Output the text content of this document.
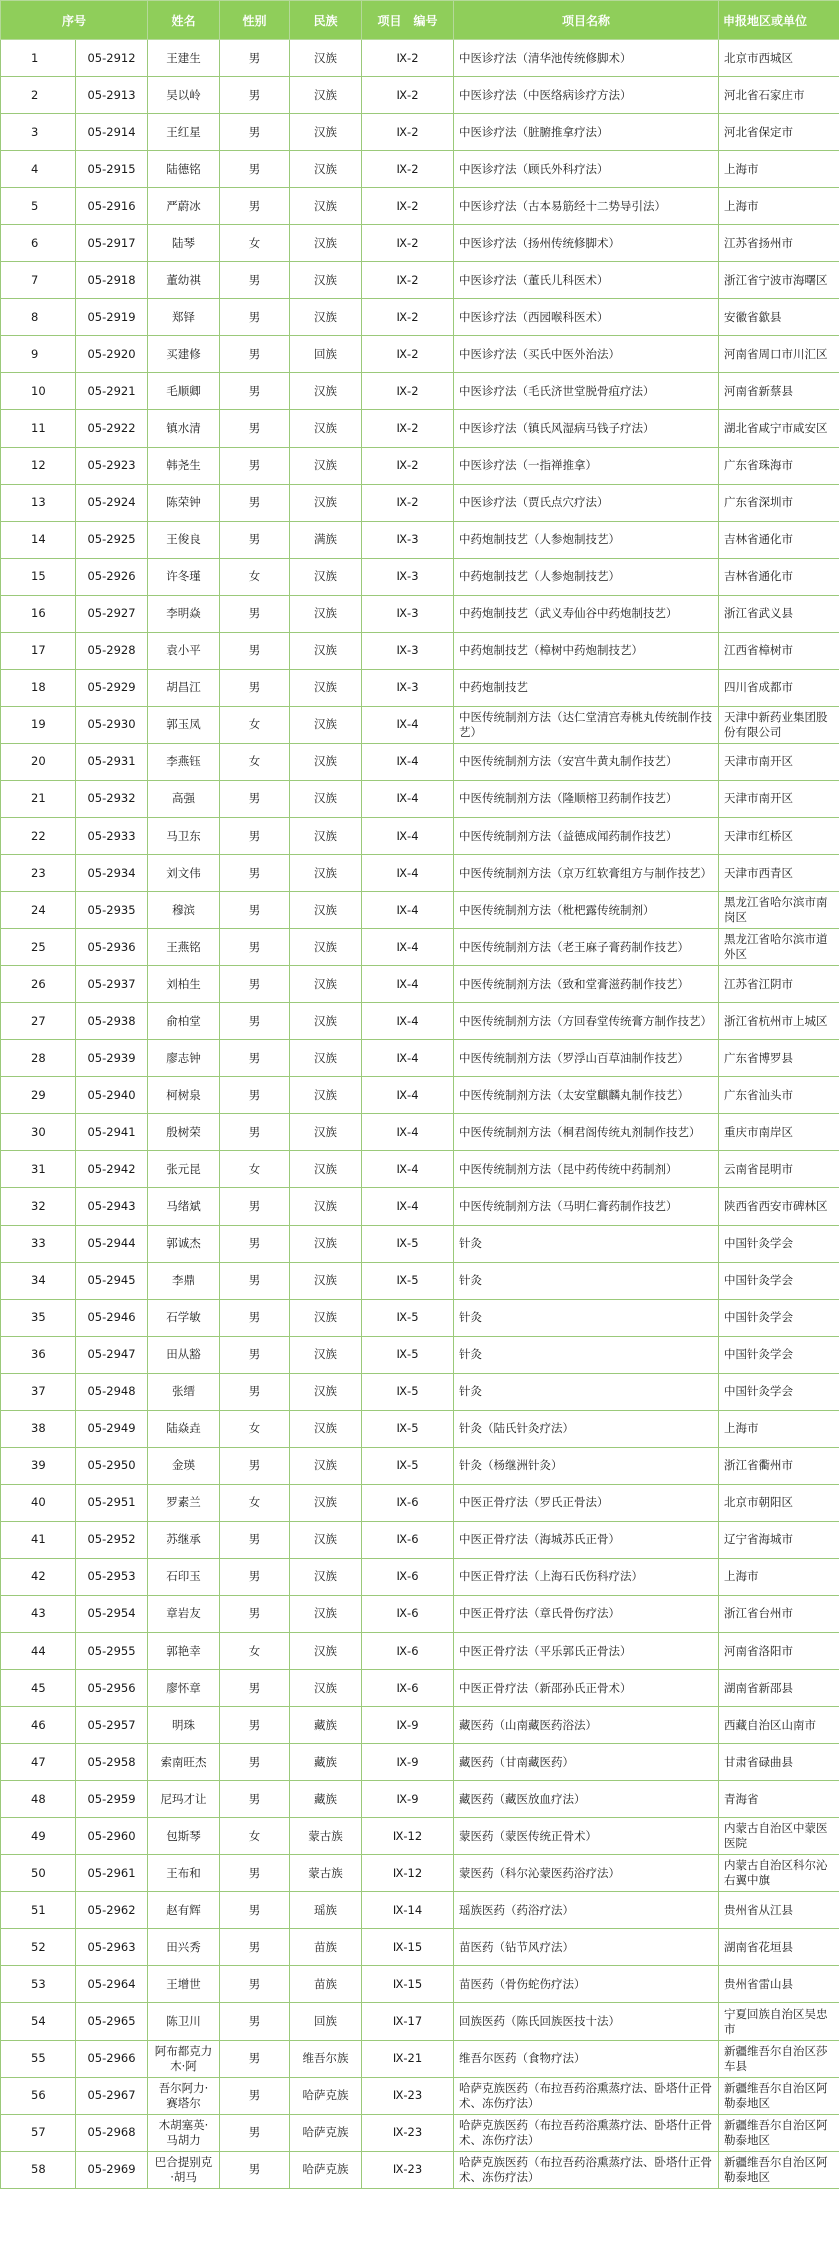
序号		姓名	性别	民族	项目　编号	项目名称	申报地区或单位
1	05-2912	王建生	男	汉族	Ⅸ-2	中医诊疗法（清华池传统修脚术）	北京市西城区
2	05-2913	吴以岭	男	汉族	Ⅸ-2	中医诊疗法（中医络病诊疗方法）	河北省石家庄市
3	05-2914	王红星	男	汉族	Ⅸ-2	中医诊疗法（脏腑推拿疗法）	河北省保定市
4	05-2915	陆德铭	男	汉族	Ⅸ-2	中医诊疗法（顾氏外科疗法）	上海市
5	05-2916	严蔚冰	男	汉族	Ⅸ-2	中医诊疗法（古本易筋经十二势导引法）	上海市
6	05-2917	陆琴	女	汉族	Ⅸ-2	中医诊疗法（扬州传统修脚术）	江苏省扬州市
7	05-2918	董幼祺	男	汉族	Ⅸ-2	中医诊疗法（董氏儿科医术）	浙江省宁波市海曙区
8	05-2919	郑铎	男	汉族	Ⅸ-2	中医诊疗法（西园喉科医术）	安徽省歙县
9	05-2920	买建修	男	回族	Ⅸ-2	中医诊疗法（买氏中医外治法）	河南省周口市川汇区
10	05-2921	毛顺卿	男	汉族	Ⅸ-2	中医诊疗法（毛氏济世堂脱骨疽疗法）	河南省新蔡县
11	05-2922	镇水清	男	汉族	Ⅸ-2	中医诊疗法（镇氏风湿病马钱子疗法）	湖北省咸宁市咸安区
12	05-2923	韩尧生	男	汉族	Ⅸ-2	中医诊疗法（一指禅推拿）	广东省珠海市
13	05-2924	陈荣钟	男	汉族	Ⅸ-2	中医诊疗法（贾氏点穴疗法）	广东省深圳市
14	05-2925	王俊良	男	满族	Ⅸ-3	中药炮制技艺（人参炮制技艺）	吉林省通化市
15	05-2926	许冬瑾	女	汉族	Ⅸ-3	中药炮制技艺（人参炮制技艺）	吉林省通化市
16	05-2927	李明焱	男	汉族	Ⅸ-3	中药炮制技艺（武义寿仙谷中药炮制技艺）	浙江省武义县
17	05-2928	袁小平	男	汉族	Ⅸ-3	中药炮制技艺（樟树中药炮制技艺）	江西省樟树市
18	05-2929	胡昌江	男	汉族	Ⅸ-3	中药炮制技艺	四川省成都市
19	05-2930	郭玉凤	女	汉族	Ⅸ-4	中医传统制剂方法（达仁堂清宫寿桃丸传统制作技艺）	天津中新药业集团股份有限公司
20	05-2931	李燕钰	女	汉族	Ⅸ-4	中医传统制剂方法（安宫牛黄丸制作技艺）	天津市南开区
21	05-2932	高强	男	汉族	Ⅸ-4	中医传统制剂方法（隆顺榕卫药制作技艺）	天津市南开区
22	05-2933	马卫东	男	汉族	Ⅸ-4	中医传统制剂方法（益德成闻药制作技艺）	天津市红桥区
23	05-2934	刘文伟	男	汉族	Ⅸ-4	中医传统制剂方法（京万红软膏组方与制作技艺）	天津市西青区
24	05-2935	穆滨	男	汉族	Ⅸ-4	中医传统制剂方法（枇杷露传统制剂）	黑龙江省哈尔滨市南岗区
25	05-2936	王燕铭	男	汉族	Ⅸ-4	中医传统制剂方法（老王麻子膏药制作技艺）	黑龙江省哈尔滨市道外区
26	05-2937	刘柏生	男	汉族	Ⅸ-4	中医传统制剂方法（致和堂膏滋药制作技艺）	江苏省江阴市
27	05-2938	俞柏堂	男	汉族	Ⅸ-4	中医传统制剂方法（方回春堂传统膏方制作技艺）	浙江省杭州市上城区
28	05-2939	廖志钟	男	汉族	Ⅸ-4	中医传统制剂方法（罗浮山百草油制作技艺）	广东省博罗县
29	05-2940	柯树泉	男	汉族	Ⅸ-4	中医传统制剂方法（太安堂麒麟丸制作技艺）	广东省汕头市
30	05-2941	殷树荣	男	汉族	Ⅸ-4	中医传统制剂方法（桐君阁传统丸剂制作技艺）	重庆市南岸区
31	05-2942	张元昆	女	汉族	Ⅸ-4	中医传统制剂方法（昆中药传统中药制剂）	云南省昆明市
32	05-2943	马绪斌	男	汉族	Ⅸ-4	中医传统制剂方法（马明仁膏药制作技艺）	陕西省西安市碑林区
33	05-2944	郭诚杰	男	汉族	Ⅸ-5	针灸	中国针灸学会
34	05-2945	李鼎	男	汉族	Ⅸ-5	针灸	中国针灸学会
35	05-2946	石学敏	男	汉族	Ⅸ-5	针灸	中国针灸学会
36	05-2947	田从豁	男	汉族	Ⅸ-5	针灸	中国针灸学会
37	05-2948	张缙	男	汉族	Ⅸ-5	针灸	中国针灸学会
38	05-2949	陆焱垚	女	汉族	Ⅸ-5	针灸（陆氏针灸疗法）	上海市
39	05-2950	金瑛	男	汉族	Ⅸ-5	针灸（杨继洲针灸）	浙江省衢州市
40	05-2951	罗素兰	女	汉族	Ⅸ-6	中医正骨疗法（罗氏正骨法）	北京市朝阳区
41	05-2952	苏继承	男	汉族	Ⅸ-6	中医正骨疗法（海城苏氏正骨）	辽宁省海城市
42	05-2953	石印玉	男	汉族	Ⅸ-6	中医正骨疗法（上海石氏伤科疗法）	上海市
43	05-2954	章岩友	男	汉族	Ⅸ-6	中医正骨疗法（章氏骨伤疗法）	浙江省台州市
44	05-2955	郭艳幸	女	汉族	Ⅸ-6	中医正骨疗法（平乐郭氏正骨法）	河南省洛阳市
45	05-2956	廖怀章	男	汉族	Ⅸ-6	中医正骨疗法（新邵孙氏正骨术）	湖南省新邵县
46	05-2957	明珠	男	藏族	Ⅸ-9	藏医药（山南藏医药浴法）	西藏自治区山南市
47	05-2958	索南旺杰	男	藏族	Ⅸ-9	藏医药（甘南藏医药）	甘肃省碌曲县
48	05-2959	尼玛才让	男	藏族	Ⅸ-9	藏医药（藏医放血疗法）	青海省
49	05-2960	包斯琴	女	蒙古族	Ⅸ-12	蒙医药（蒙医传统正骨术）	内蒙古自治区中蒙医医院
50	05-2961	王布和	男	蒙古族	Ⅸ-12	蒙医药（科尔沁蒙医药浴疗法）	内蒙古自治区科尔沁右翼中旗
51	05-2962	赵有辉	男	瑶族	Ⅸ-14	瑶族医药（药浴疗法）	贵州省从江县
52	05-2963	田兴秀	男	苗族	Ⅸ-15	苗医药（钻节风疗法）	湖南省花垣县
53	05-2964	王增世	男	苗族	Ⅸ-15	苗医药（骨伤蛇伤疗法）	贵州省雷山县
54	05-2965	陈卫川	男	回族	Ⅸ-17	回族医药（陈氏回族医技十法）	宁夏回族自治区吴忠市
55	05-2966	阿布都克力木·阿	男	维吾尔族	Ⅸ-21	维吾尔医药（食物疗法）	新疆维吾尔自治区莎车县
56	05-2967	吾尔阿力·赛塔尔	男	哈萨克族	Ⅸ-23	哈萨克族医药（布拉吾药浴熏蒸疗法、卧塔什正骨术、冻伤疗法）	新疆维吾尔自治区阿勒泰地区
57	05-2968	木胡塞英·马胡力	男	哈萨克族	Ⅸ-23	哈萨克族医药（布拉吾药浴熏蒸疗法、卧塔什正骨术、冻伤疗法）	新疆维吾尔自治区阿勒泰地区
58	05-2969	巴合提别克·胡马	男	哈萨克族	Ⅸ-23	哈萨克族医药（布拉吾药浴熏蒸疗法、卧塔什正骨术、冻伤疗法）	新疆维吾尔自治区阿勒泰地区
